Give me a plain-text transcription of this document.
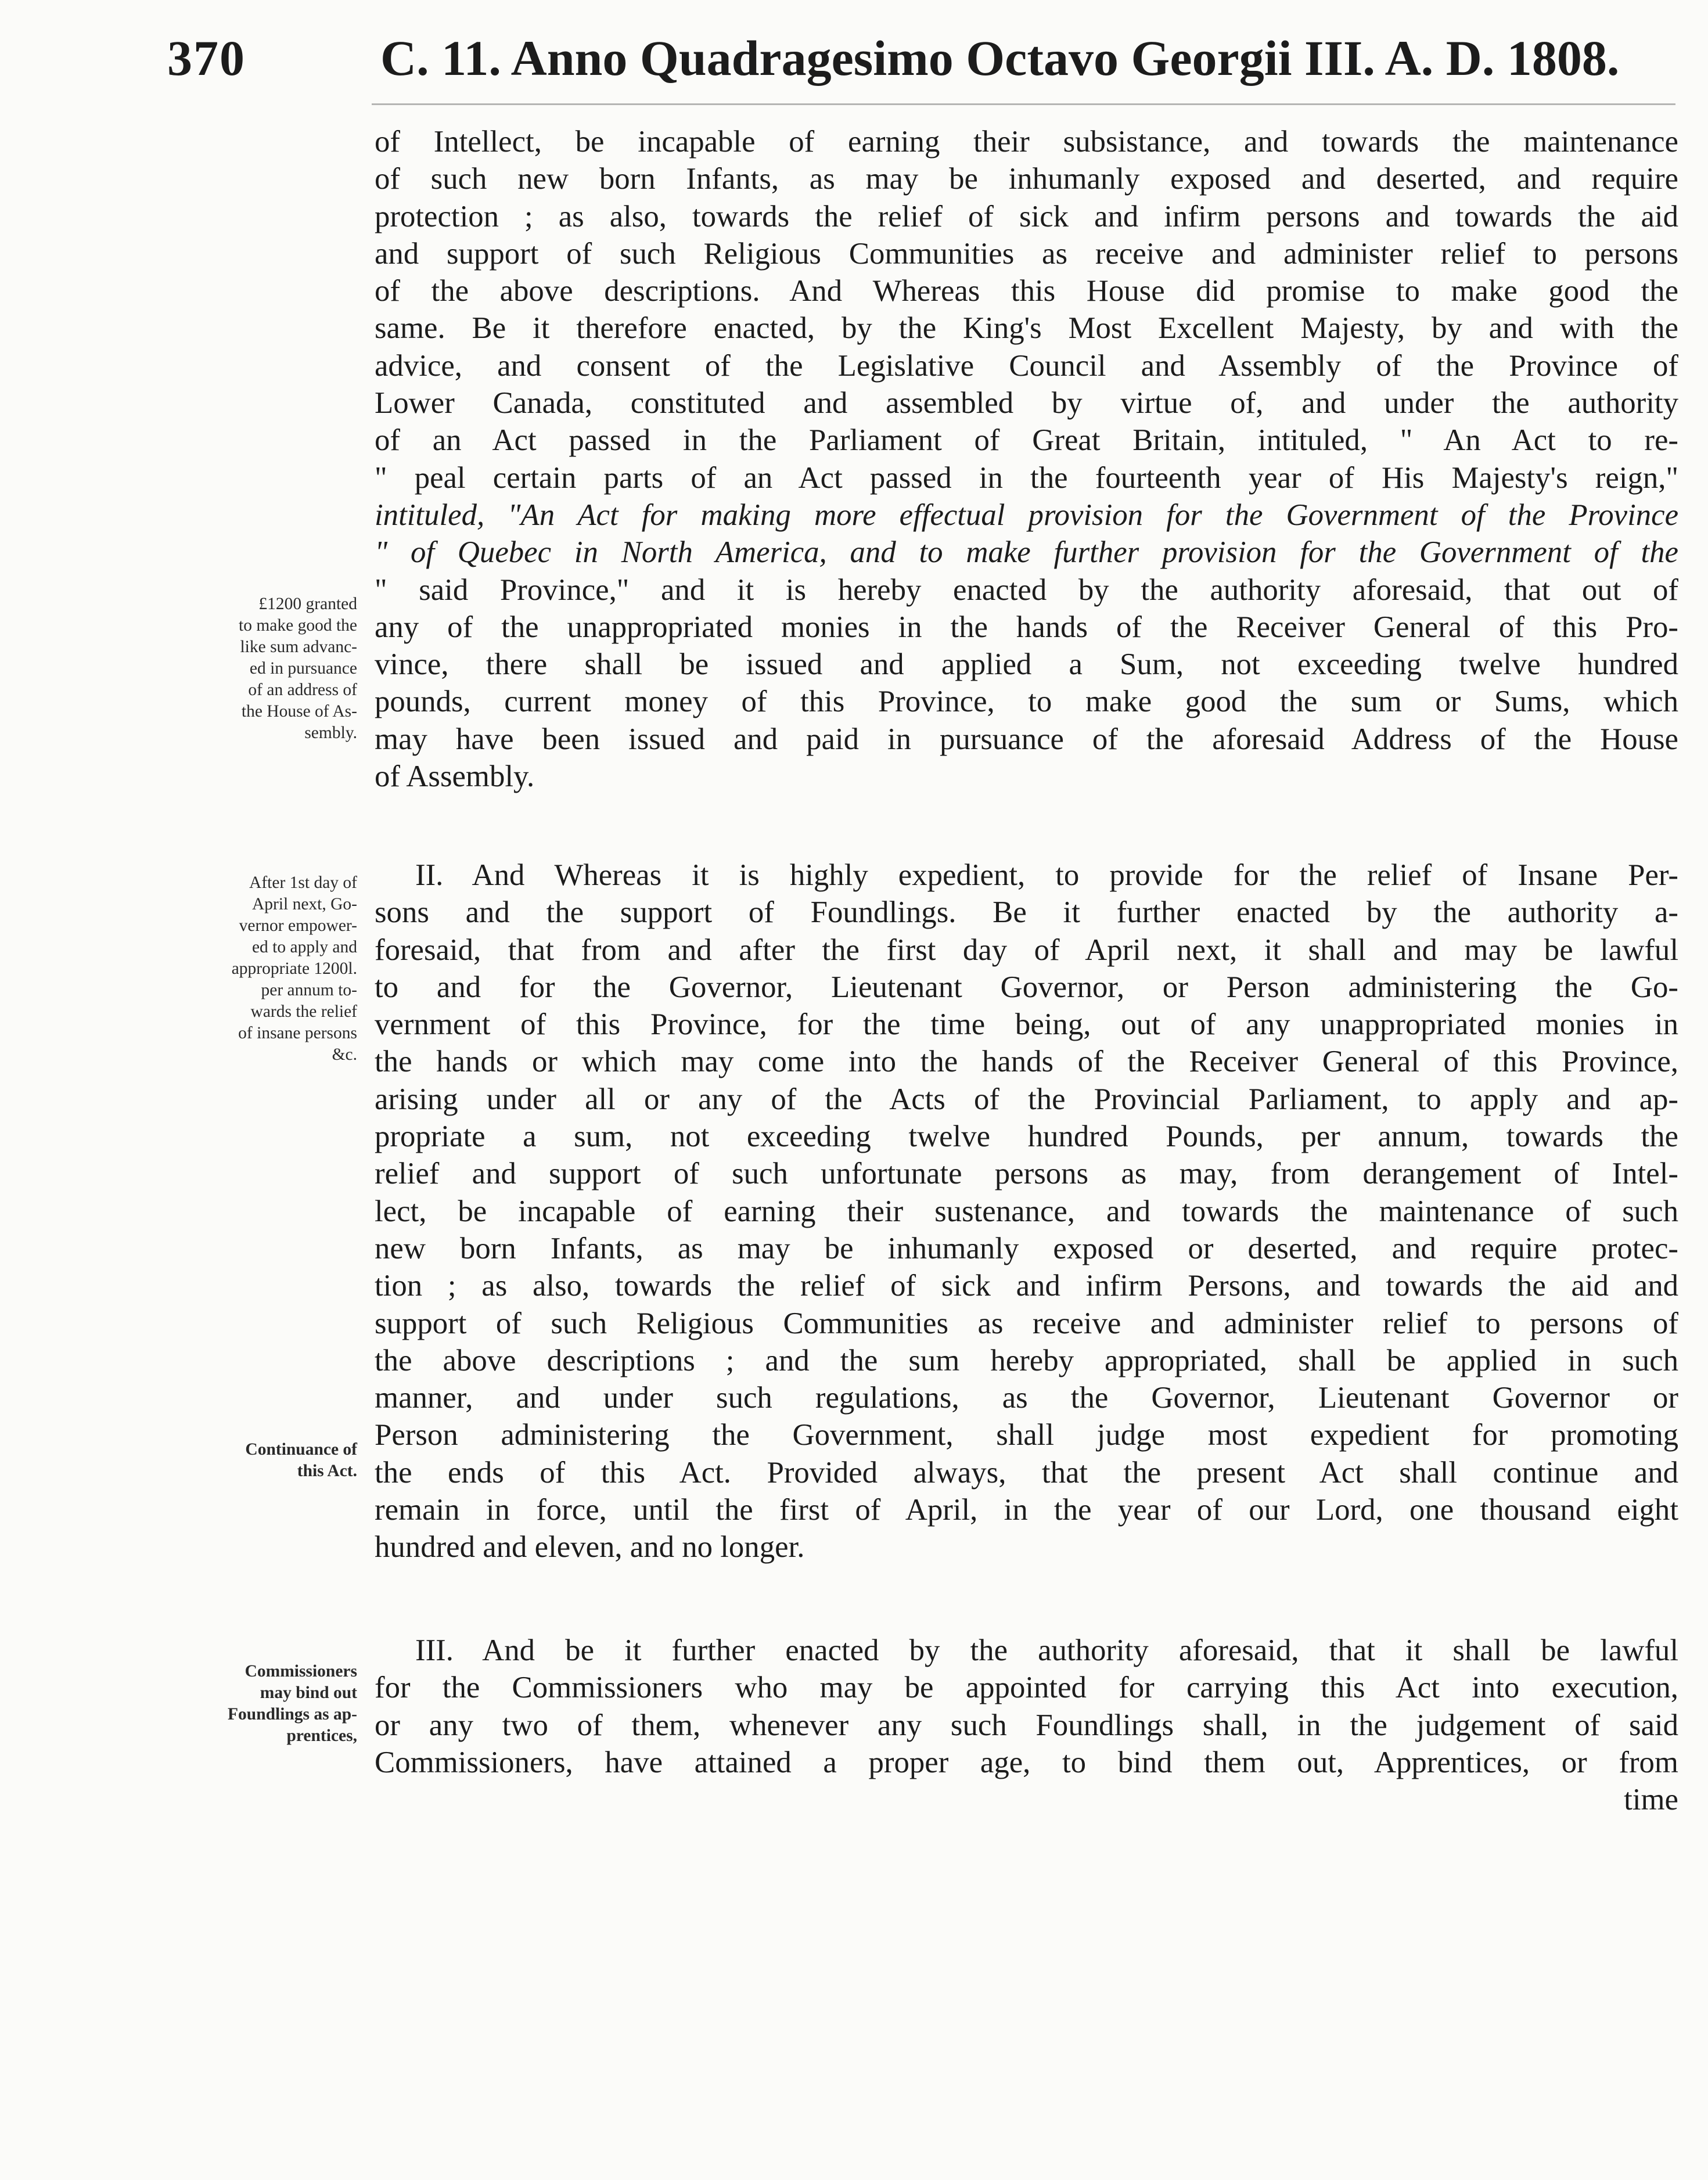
370	C. 11. Anno Quadragesimo Octavo Georgii III. A. D. 1808.
of Intellect, be incapable of earning their subsistance, and towards the maintenance
of such new born Infants, as may be inhumanly exposed and deserted, and require
protection ; as also, towards the relief of sick and infirm persons and towards the aid
and support of such Religious Communities as receive and administer relief to persons
of the above descriptions. And Whereas this House did promise to make good the
same. Be it therefore enacted, by the King's Most Excellent Majesty, by and with the
advice, and consent of the Legislative Council and Assembly of the Province of
Lower Canada, constituted and assembled by virtue of, and under the authority
of an Act passed in the Parliament of Great Britain, intituled, " An Act to re-
" peal certain parts of an Act passed in the fourteenth year of His Majesty's reign,"
intituled, "An Act for making more effectual provision for the Government of the Province
" of Quebec in North America, and to make further provision for the Government of the
" said Province," and it is hereby enacted by the authority aforesaid, that out of
any of the unappropriated monies in the hands of the Receiver General of this Pro-
vince, there shall be issued and applied a Sum, not exceeding twelve hundred
pounds, current money of this Province, to make good the sum or Sums, which
may have been issued and paid in pursuance of the aforesaid Address of the House
of Assembly.
II. And Whereas it is highly expedient, to provide for the relief of Insane Per-
sons and the support of Foundlings. Be it further enacted by the authority a-
foresaid, that from and after the first day of April next, it shall and may be lawful
to and for the Governor, Lieutenant Governor, or Person administering the Go-
vernment of this Province, for the time being, out of any unappropriated monies in
the hands or which may come into the hands of the Receiver General of this Province,
arising under all or any of the Acts of the Provincial Parliament, to apply and ap-
propriate a sum, not exceeding twelve hundred Pounds, per annum, towards the
relief and support of such unfortunate persons as may, from derangement of Intel-
lect, be incapable of earning their sustenance, and towards the maintenance of such
new born Infants, as may be inhumanly exposed or deserted, and require protec-
tion ; as also, towards the relief of sick and infirm Persons, and towards the aid and
support of such Religious Communities as receive and administer relief to persons of
the above descriptions ; and the sum hereby appropriated, shall be applied in such
manner, and under such regulations, as the Governor, Lieutenant Governor or
Person administering the Government, shall judge most expedient for promoting
the ends of this Act. Provided always, that the present Act shall continue and
remain in force, until the first of April, in the year of our Lord, one thousand eight
hundred and eleven, and no longer.
III. And be it further enacted by the authority aforesaid, that it shall be lawful
for the Commissioners who may be appointed for carrying this Act into execution,
or any two of them, whenever any such Foundlings shall, in the judgement of said
Commissioners, have attained a proper age, to bind them out, Apprentices, or from
time
£1200 granted
to make good the
like sum advanc-
ed in pursuance
of an address of
the House of As-
sembly.
After 1st day of
April next, Go-
vernor empower-
ed to apply and
appropriate 1200l.
per annum to-
wards the relief
of insane persons
&c.
Continuance of
this Act.
Commissioners
may bind out
Foundlings as ap-
prentices,
